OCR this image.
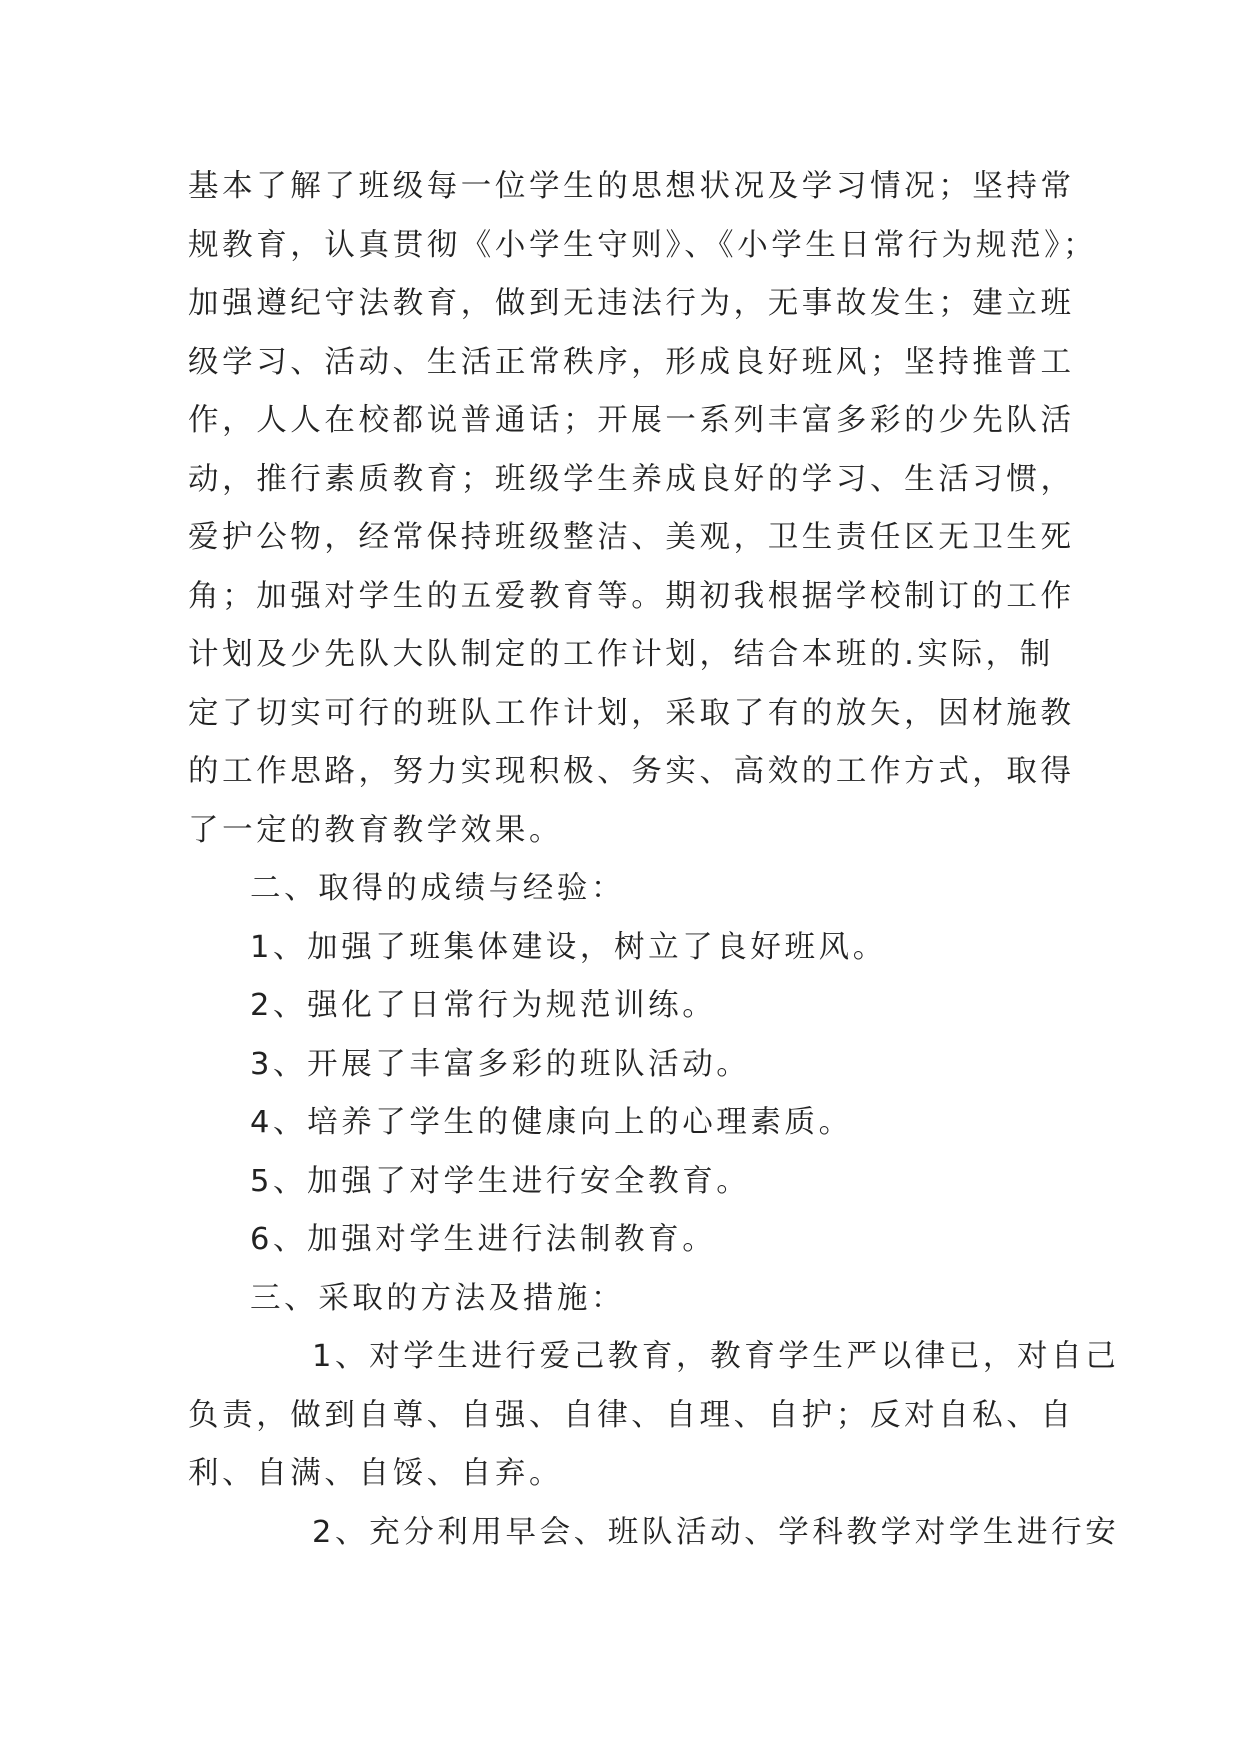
基本了解了班级每一位学生的思想状况及学习情况；坚持常
规教育，认真贯彻《小学生守则》、《小学生日常行为规范》；
加强遵纪守法教育，做到无违法行为，无事故发生；建立班
级学习、活动、生活正常秩序，形成良好班风；坚持推普工
作，人人在校都说普通话；开展一系列丰富多彩的少先队活
动，推行素质教育；班级学生养成良好的学习、生活习惯，
爱护公物，经常保持班级整洁、美观，卫生责任区无卫生死
角；加强对学生的五爱教育等。期初我根据学校制订的工作
计划及少先队大队制定的工作计划，结合本班的.实际，制
定了切实可行的班队工作计划，采取了有的放矢，因材施教
的工作思路，努力实现积极、务实、高效的工作方式，取得
了一定的教育教学效果。

二、取得的成绩与经验：

1、加强了班集体建设，树立了良好班风。

2、强化了日常行为规范训练。

3、开展了丰富多彩的班队活动。

4、培养了学生的健康向上的心理素质。

5、加强了对学生进行安全教育。

6、加强对学生进行法制教育。

三、采取的方法及措施：

1、对学生进行爱己教育，教育学生严以律已，对自己
负责，做到自尊、自强、自律、自理、自护；反对自私、自
利、自满、自馁、自弃。
2、充分利用早会、班队活动、学科教学对学生进行安
